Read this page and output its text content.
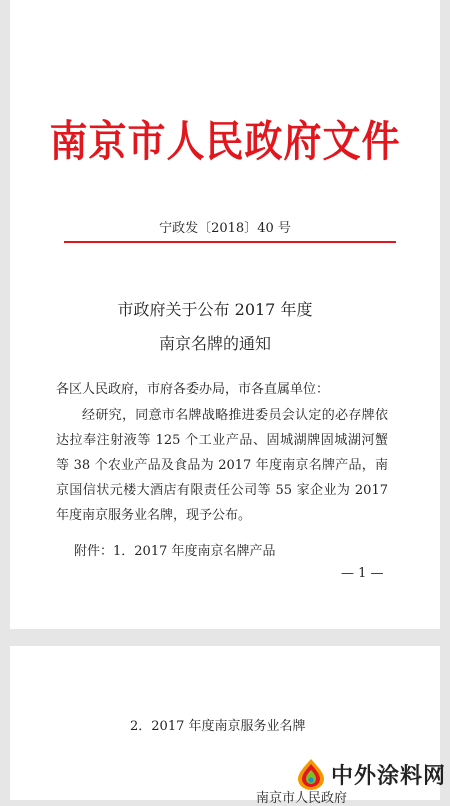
南京市人民政府文件
宁政发〔2018〕40 号
市政府关于公布 2017 年度
南京名牌的通知
各区人民政府，市府各委办局，市各直属单位：
经研究，同意市名牌战略推进委员会认定的必存牌依达拉奉注射液等 125 个工业产品、固城湖牌固城湖河蟹等 38 个农业产品及食品为 2017 年度南京名牌产品，南京国信状元楼大酒店有限责任公司等 55 家企业为 2017 年度南京服务业名牌，现予公布。
附件：1．2017 年度南京名牌产品
— 1 —
2．2017 年度南京服务业名牌
南京市人民政府
中外涂料网
